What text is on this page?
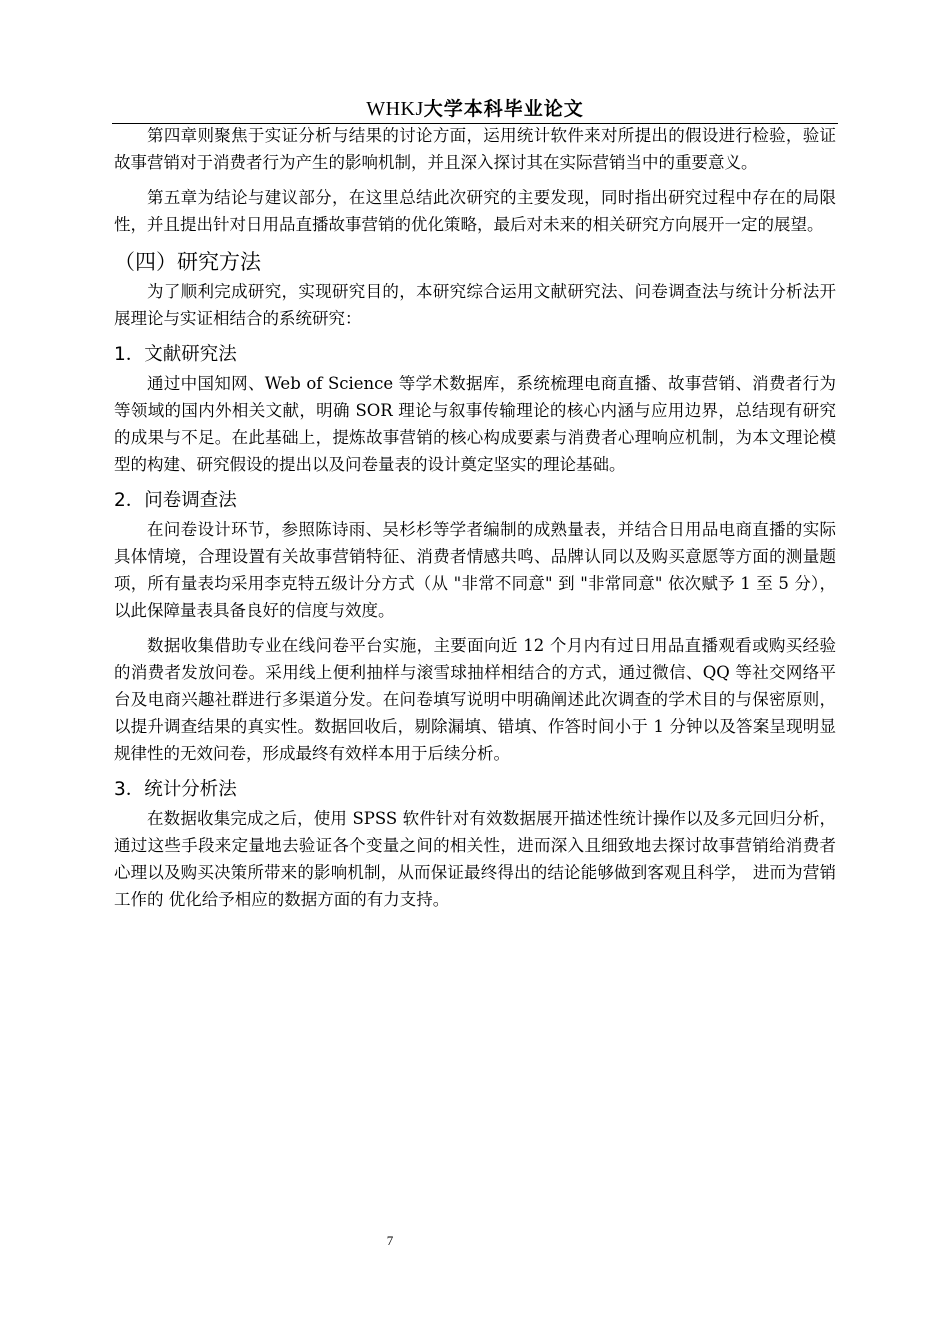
WHKJ大学本科毕业论文

第四章则聚焦于实证分析与结果的讨论方面，运用统计软件来对所提出的假设进行检验，验证故事营销对于消费者行为产生的影响机制，并且深入探讨其在实际营销当中的重要意义。

第五章为结论与建议部分，在这里总结此次研究的主要发现，同时指出研究过程中存在的局限性，并且提出针对日用品直播故事营销的优化策略，最后对未来的相关研究方向展开一定的展望。

（四）研究方法

为了顺利完成研究，实现研究目的，本研究综合运用文献研究法、问卷调查法与统计分析法开展理论与实证相结合的系统研究：

1．文献研究法

通过中国知网、Web of Science 等学术数据库，系统梳理电商直播、故事营销、消费者行为等领域的国内外相关文献，明确 SOR 理论与叙事传输理论的核心内涵与应用边界，总结现有研究的成果与不足。在此基础上，提炼故事营销的核心构成要素与消费者心理响应机制，为本文理论模型的构建、研究假设的提出以及问卷量表的设计奠定坚实的理论基础。

2．问卷调查法

在问卷设计环节，参照陈诗雨、吴杉杉等学者编制的成熟量表，并结合日用品电商直播的实际具体情境，合理设置有关故事营销特征、消费者情感共鸣、品牌认同以及购买意愿等方面的测量题项，所有量表均采用李克特五级计分方式（从 "非常不同意" 到 "非常同意" 依次赋予 1 至 5 分），以此保障量表具备良好的信度与效度。

数据收集借助专业在线问卷平台实施，主要面向近 12 个月内有过日用品直播观看或购买经验的消费者发放问卷。采用线上便利抽样与滚雪球抽样相结合的方式，通过微信、QQ 等社交网络平台及电商兴趣社群进行多渠道分发。在问卷填写说明中明确阐述此次调查的学术目的与保密原则，以提升调查结果的真实性。数据回收后，剔除漏填、错填、作答时间小于 1 分钟以及答案呈现明显规律性的无效问卷，形成最终有效样本用于后续分析。

3．统计分析法

在数据收集完成之后，使用 SPSS 软件针对有效数据展开描述性统计操作以及多元回归分析，通过这些手段来定量地去验证各个变量之间的相关性，进而深入且细致地去探讨故事营销给消费者心理以及购买决策所带来的影响机制，从而保证最终得出的结论能够做到客观且科学， 进而为营销工作的 优化给予相应的数据方面的有力支持。

7
